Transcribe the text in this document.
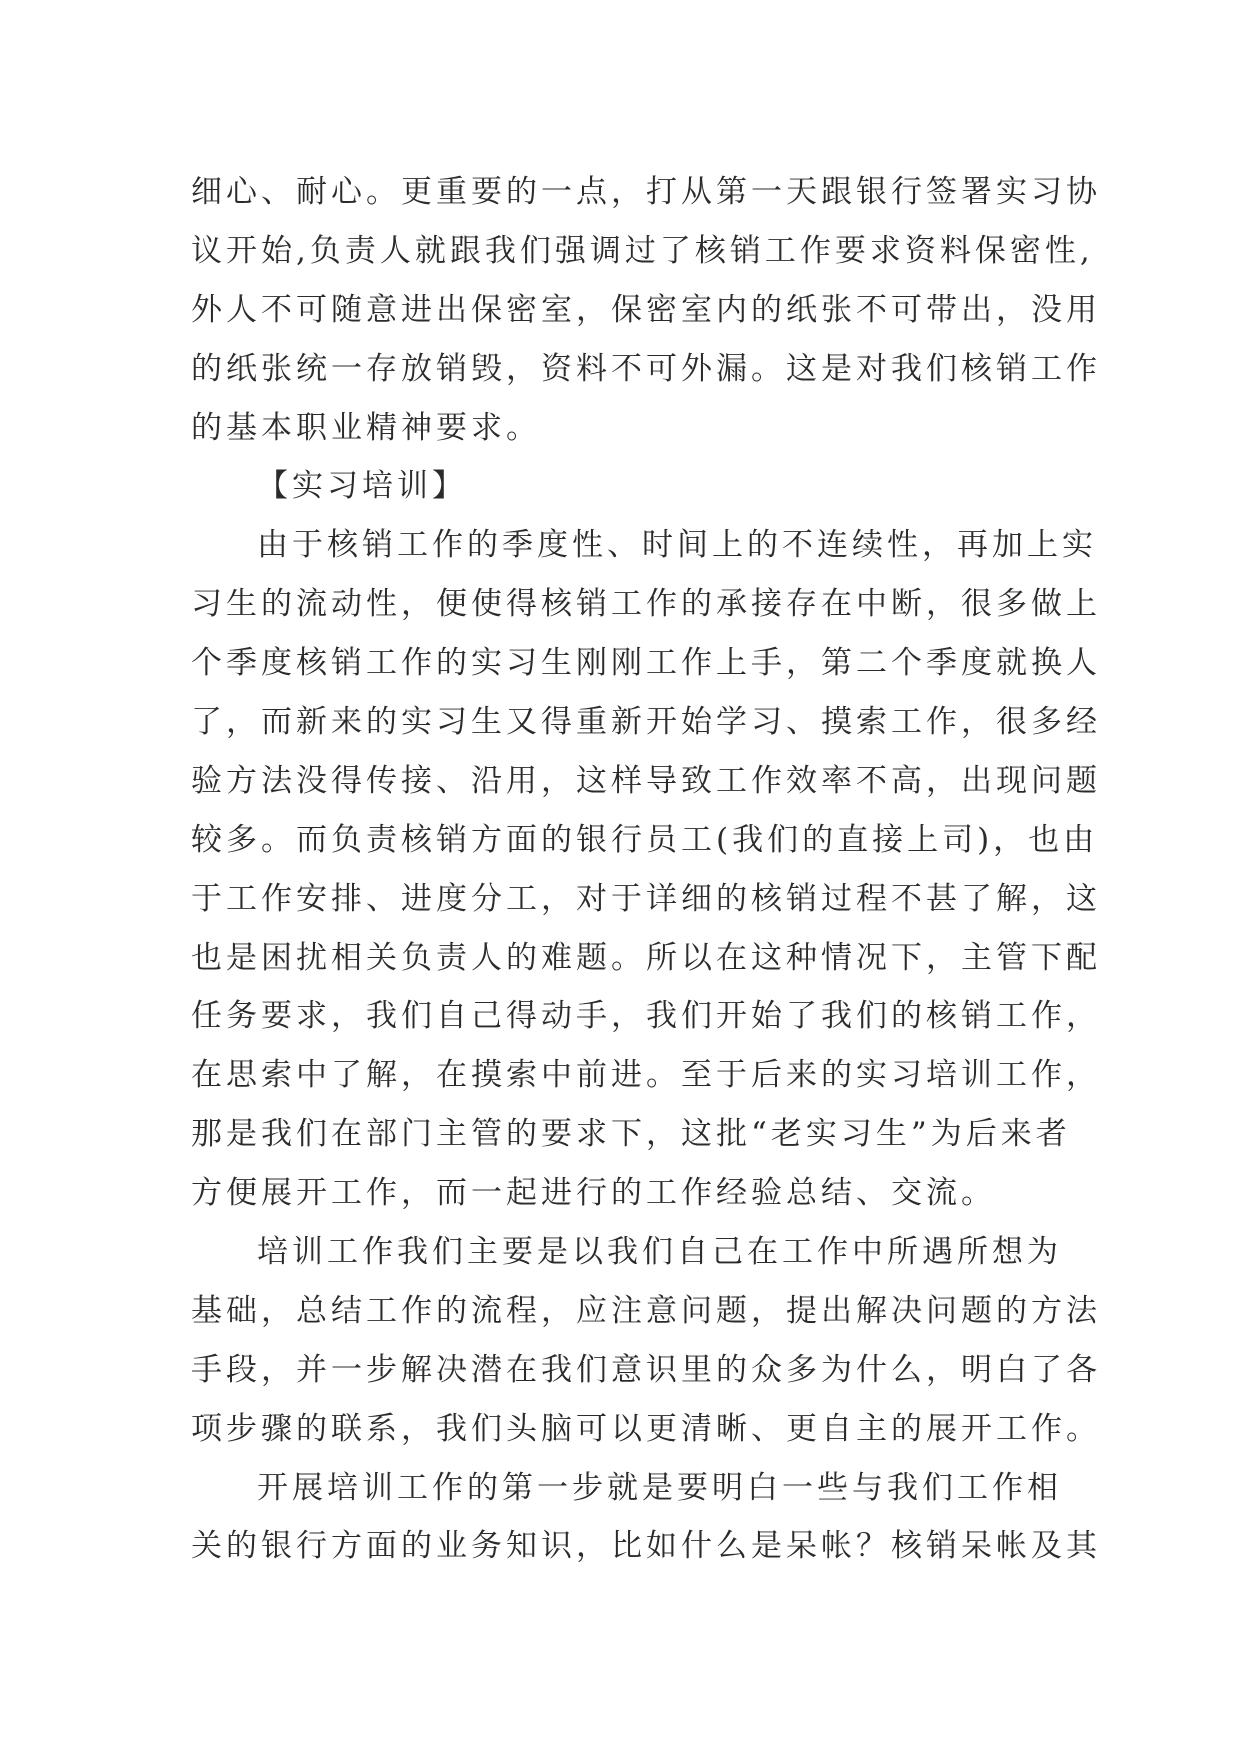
细心、耐心。更重要的一点，打从第一天跟银行签署实习协
议开始,负责人就跟我们强调过了核销工作要求资料保密性,
外人不可随意进出保密室，保密室内的纸张不可带出，没用
的纸张统一存放销毁，资料不可外漏。这是对我们核销工作
的基本职业精神要求。
【实习培训】
由于核销工作的季度性、时间上的不连续性，再加上实
习生的流动性，便使得核销工作的承接存在中断，很多做上
个季度核销工作的实习生刚刚工作上手，第二个季度就换人
了，而新来的实习生又得重新开始学习、摸索工作，很多经
验方法没得传接、沿用，这样导致工作效率不高，出现问题
较多。而负责核销方面的银行员工(我们的直接上司)，也由
于工作安排、进度分工，对于详细的核销过程不甚了解，这
也是困扰相关负责人的难题。所以在这种情况下，主管下配
任务要求，我们自己得动手，我们开始了我们的核销工作，
在思索中了解，在摸索中前进。至于后来的实习培训工作，
那是我们在部门主管的要求下，这批“老实习生”为后来者
方便展开工作，而一起进行的工作经验总结、交流。
培训工作我们主要是以我们自己在工作中所遇所想为
基础，总结工作的流程，应注意问题，提出解决问题的方法
手段，并一步解决潜在我们意识里的众多为什么，明白了各
项步骤的联系，我们头脑可以更清晰、更自主的展开工作。
开展培训工作的第一步就是要明白一些与我们工作相
关的银行方面的业务知识，比如什么是呆帐？核销呆帐及其
